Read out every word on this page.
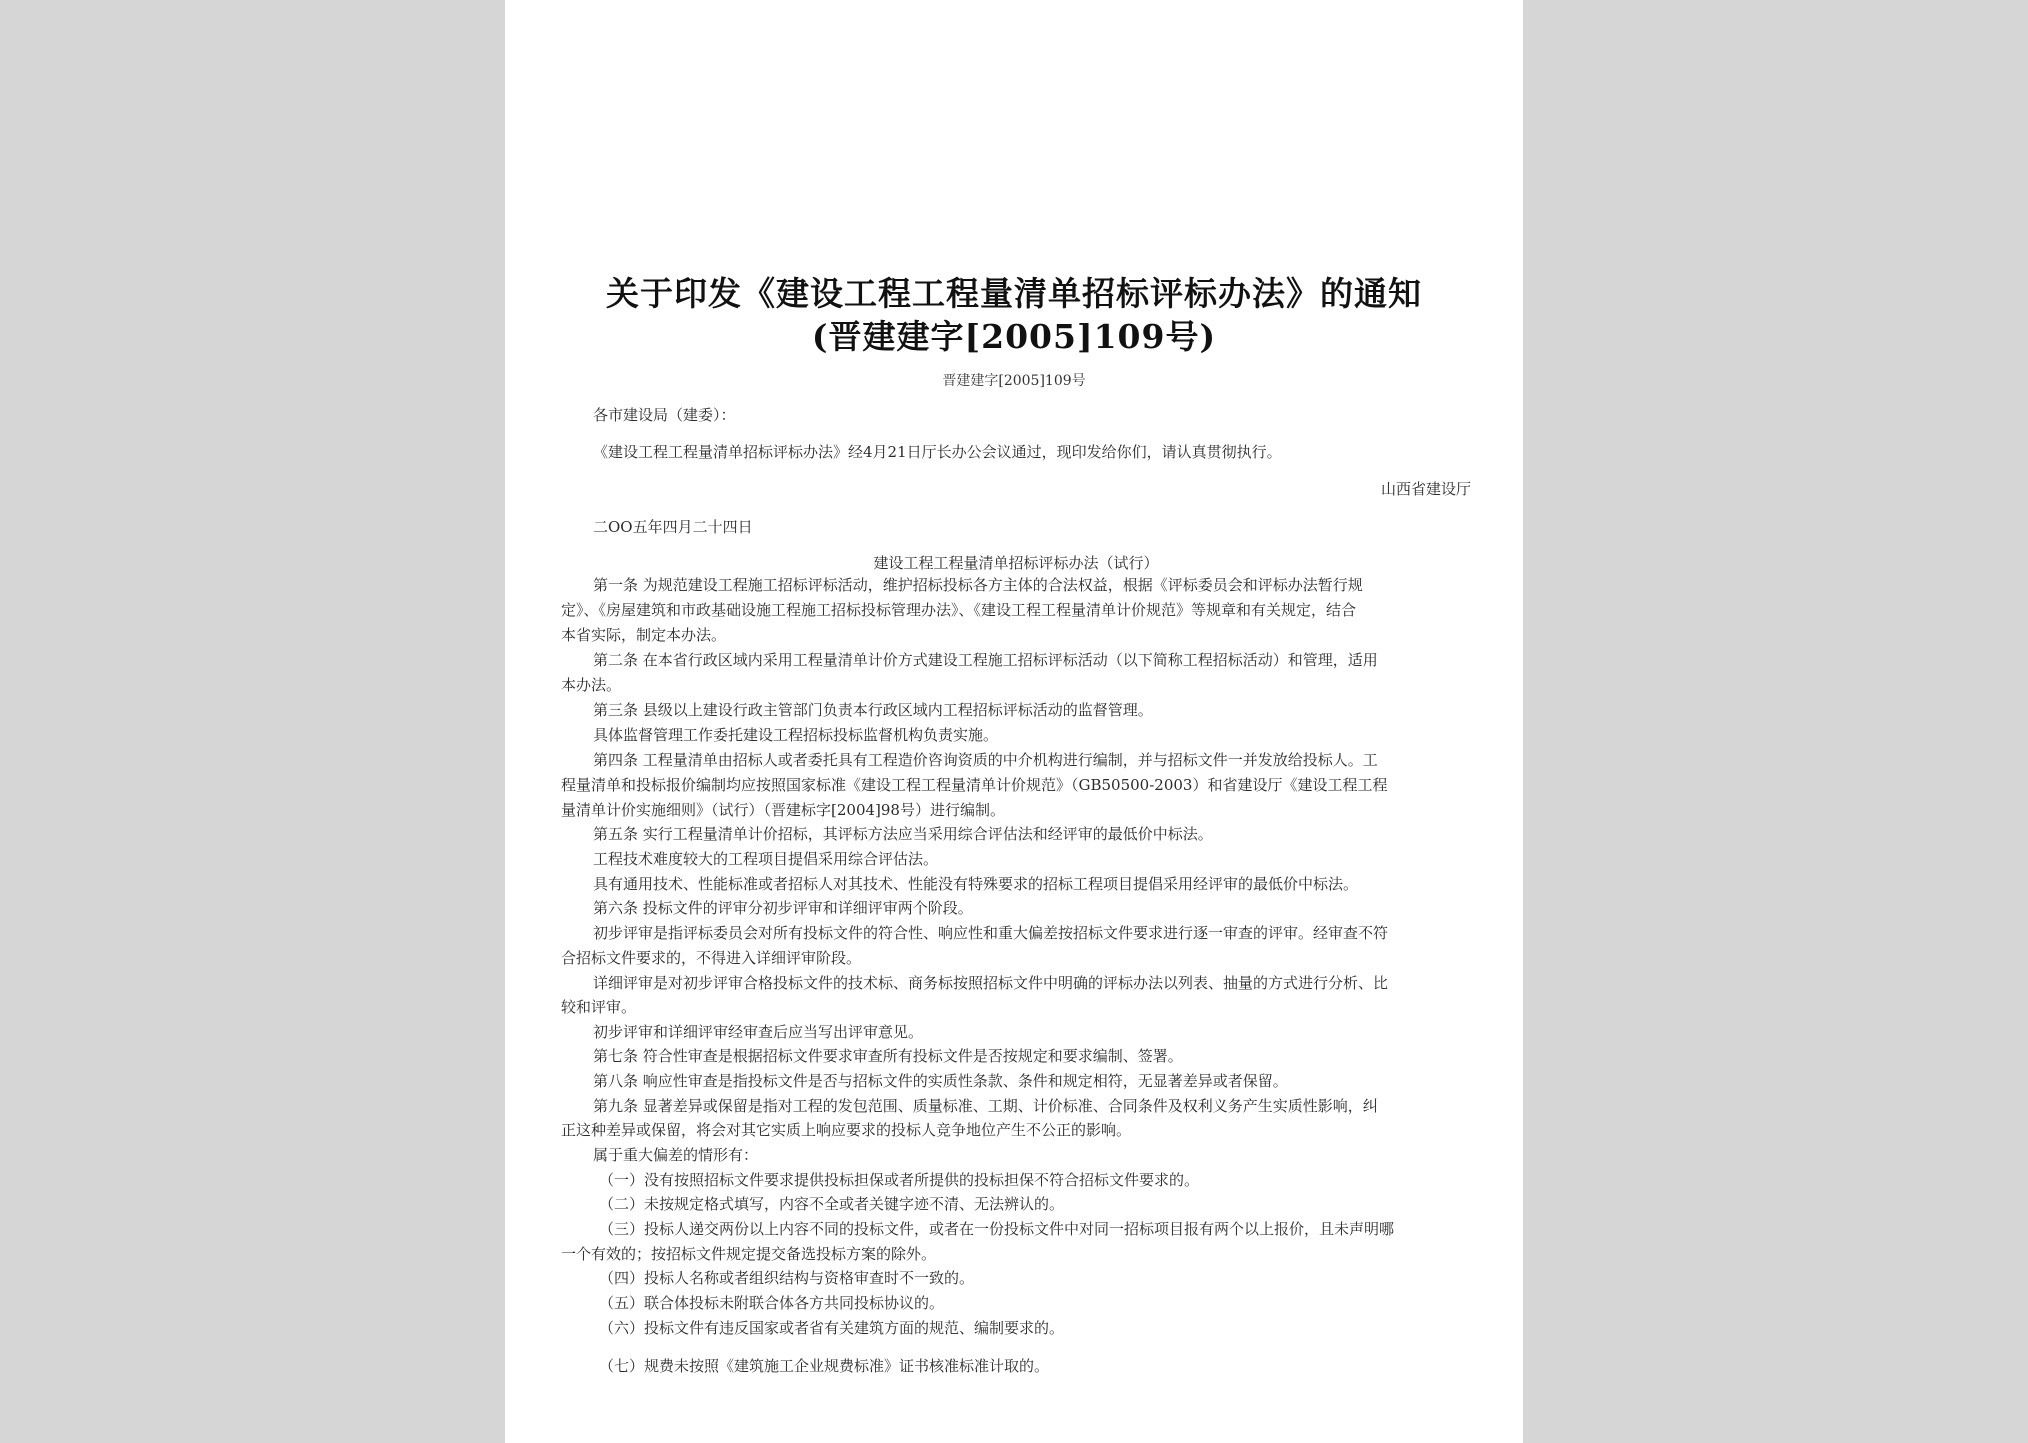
关于印发《建设工程工程量清单招标评标办法》的通知
(晋建建字[2005]109号)
晋建建字[2005]109号
各市建设局（建委）：
《建设工程工程量清单招标评标办法》经4月21日厅长办公会议通过，现印发给你们，请认真贯彻执行。
山西省建设厅
二OO五年四月二十四日
建设工程工程量清单招标评标办法（试行）
第一条 为规范建设工程施工招标评标活动，维护招标投标各方主体的合法权益，根据《评标委员会和评标办法暂行规
定》、《房屋建筑和市政基础设施工程施工招标投标管理办法》、《建设工程工程量清单计价规范》等规章和有关规定，结合
本省实际，制定本办法。
第二条 在本省行政区域内采用工程量清单计价方式建设工程施工招标评标活动（以下简称工程招标活动）和管理，适用
本办法。
第三条 县级以上建设行政主管部门负责本行政区域内工程招标评标活动的监督管理。
具体监督管理工作委托建设工程招标投标监督机构负责实施。
第四条 工程量清单由招标人或者委托具有工程造价咨询资质的中介机构进行编制，并与招标文件一并发放给投标人。工
程量清单和投标报价编制均应按照国家标准《建设工程工程量清单计价规范》（GB50500-2003）和省建设厅《建设工程工程
量清单计价实施细则》（试行）（晋建标字[2004]98号）进行编制。
第五条 实行工程量清单计价招标，其评标方法应当采用综合评估法和经评审的最低价中标法。
工程技术难度较大的工程项目提倡采用综合评估法。
具有通用技术、性能标准或者招标人对其技术、性能没有特殊要求的招标工程项目提倡采用经评审的最低价中标法。
第六条 投标文件的评审分初步评审和详细评审两个阶段。
初步评审是指评标委员会对所有投标文件的符合性、响应性和重大偏差按招标文件要求进行逐一审查的评审。经审查不符
合招标文件要求的，不得进入详细评审阶段。
详细评审是对初步评审合格投标文件的技术标、商务标按照招标文件中明确的评标办法以列表、抽量的方式进行分析、比
较和评审。
初步评审和详细评审经审查后应当写出评审意见。
第七条 符合性审查是根据招标文件要求审查所有投标文件是否按规定和要求编制、签署。
第八条 响应性审查是指投标文件是否与招标文件的实质性条款、条件和规定相符，无显著差异或者保留。
第九条 显著差异或保留是指对工程的发包范围、质量标准、工期、计价标准、合同条件及权利义务产生实质性影响，纠
正这种差异或保留，将会对其它实质上响应要求的投标人竞争地位产生不公正的影响。
属于重大偏差的情形有：
（一）没有按照招标文件要求提供投标担保或者所提供的投标担保不符合招标文件要求的。
（二）未按规定格式填写，内容不全或者关键字迹不清、无法辨认的。
（三）投标人递交两份以上内容不同的投标文件，或者在一份投标文件中对同一招标项目报有两个以上报价，且未声明哪
一个有效的；按招标文件规定提交备选投标方案的除外。
（四）投标人名称或者组织结构与资格审查时不一致的。
（五）联合体投标未附联合体各方共同投标协议的。
（六）投标文件有违反国家或者省有关建筑方面的规范、编制要求的。
（七）规费未按照《建筑施工企业规费标准》证书核准标准计取的。
